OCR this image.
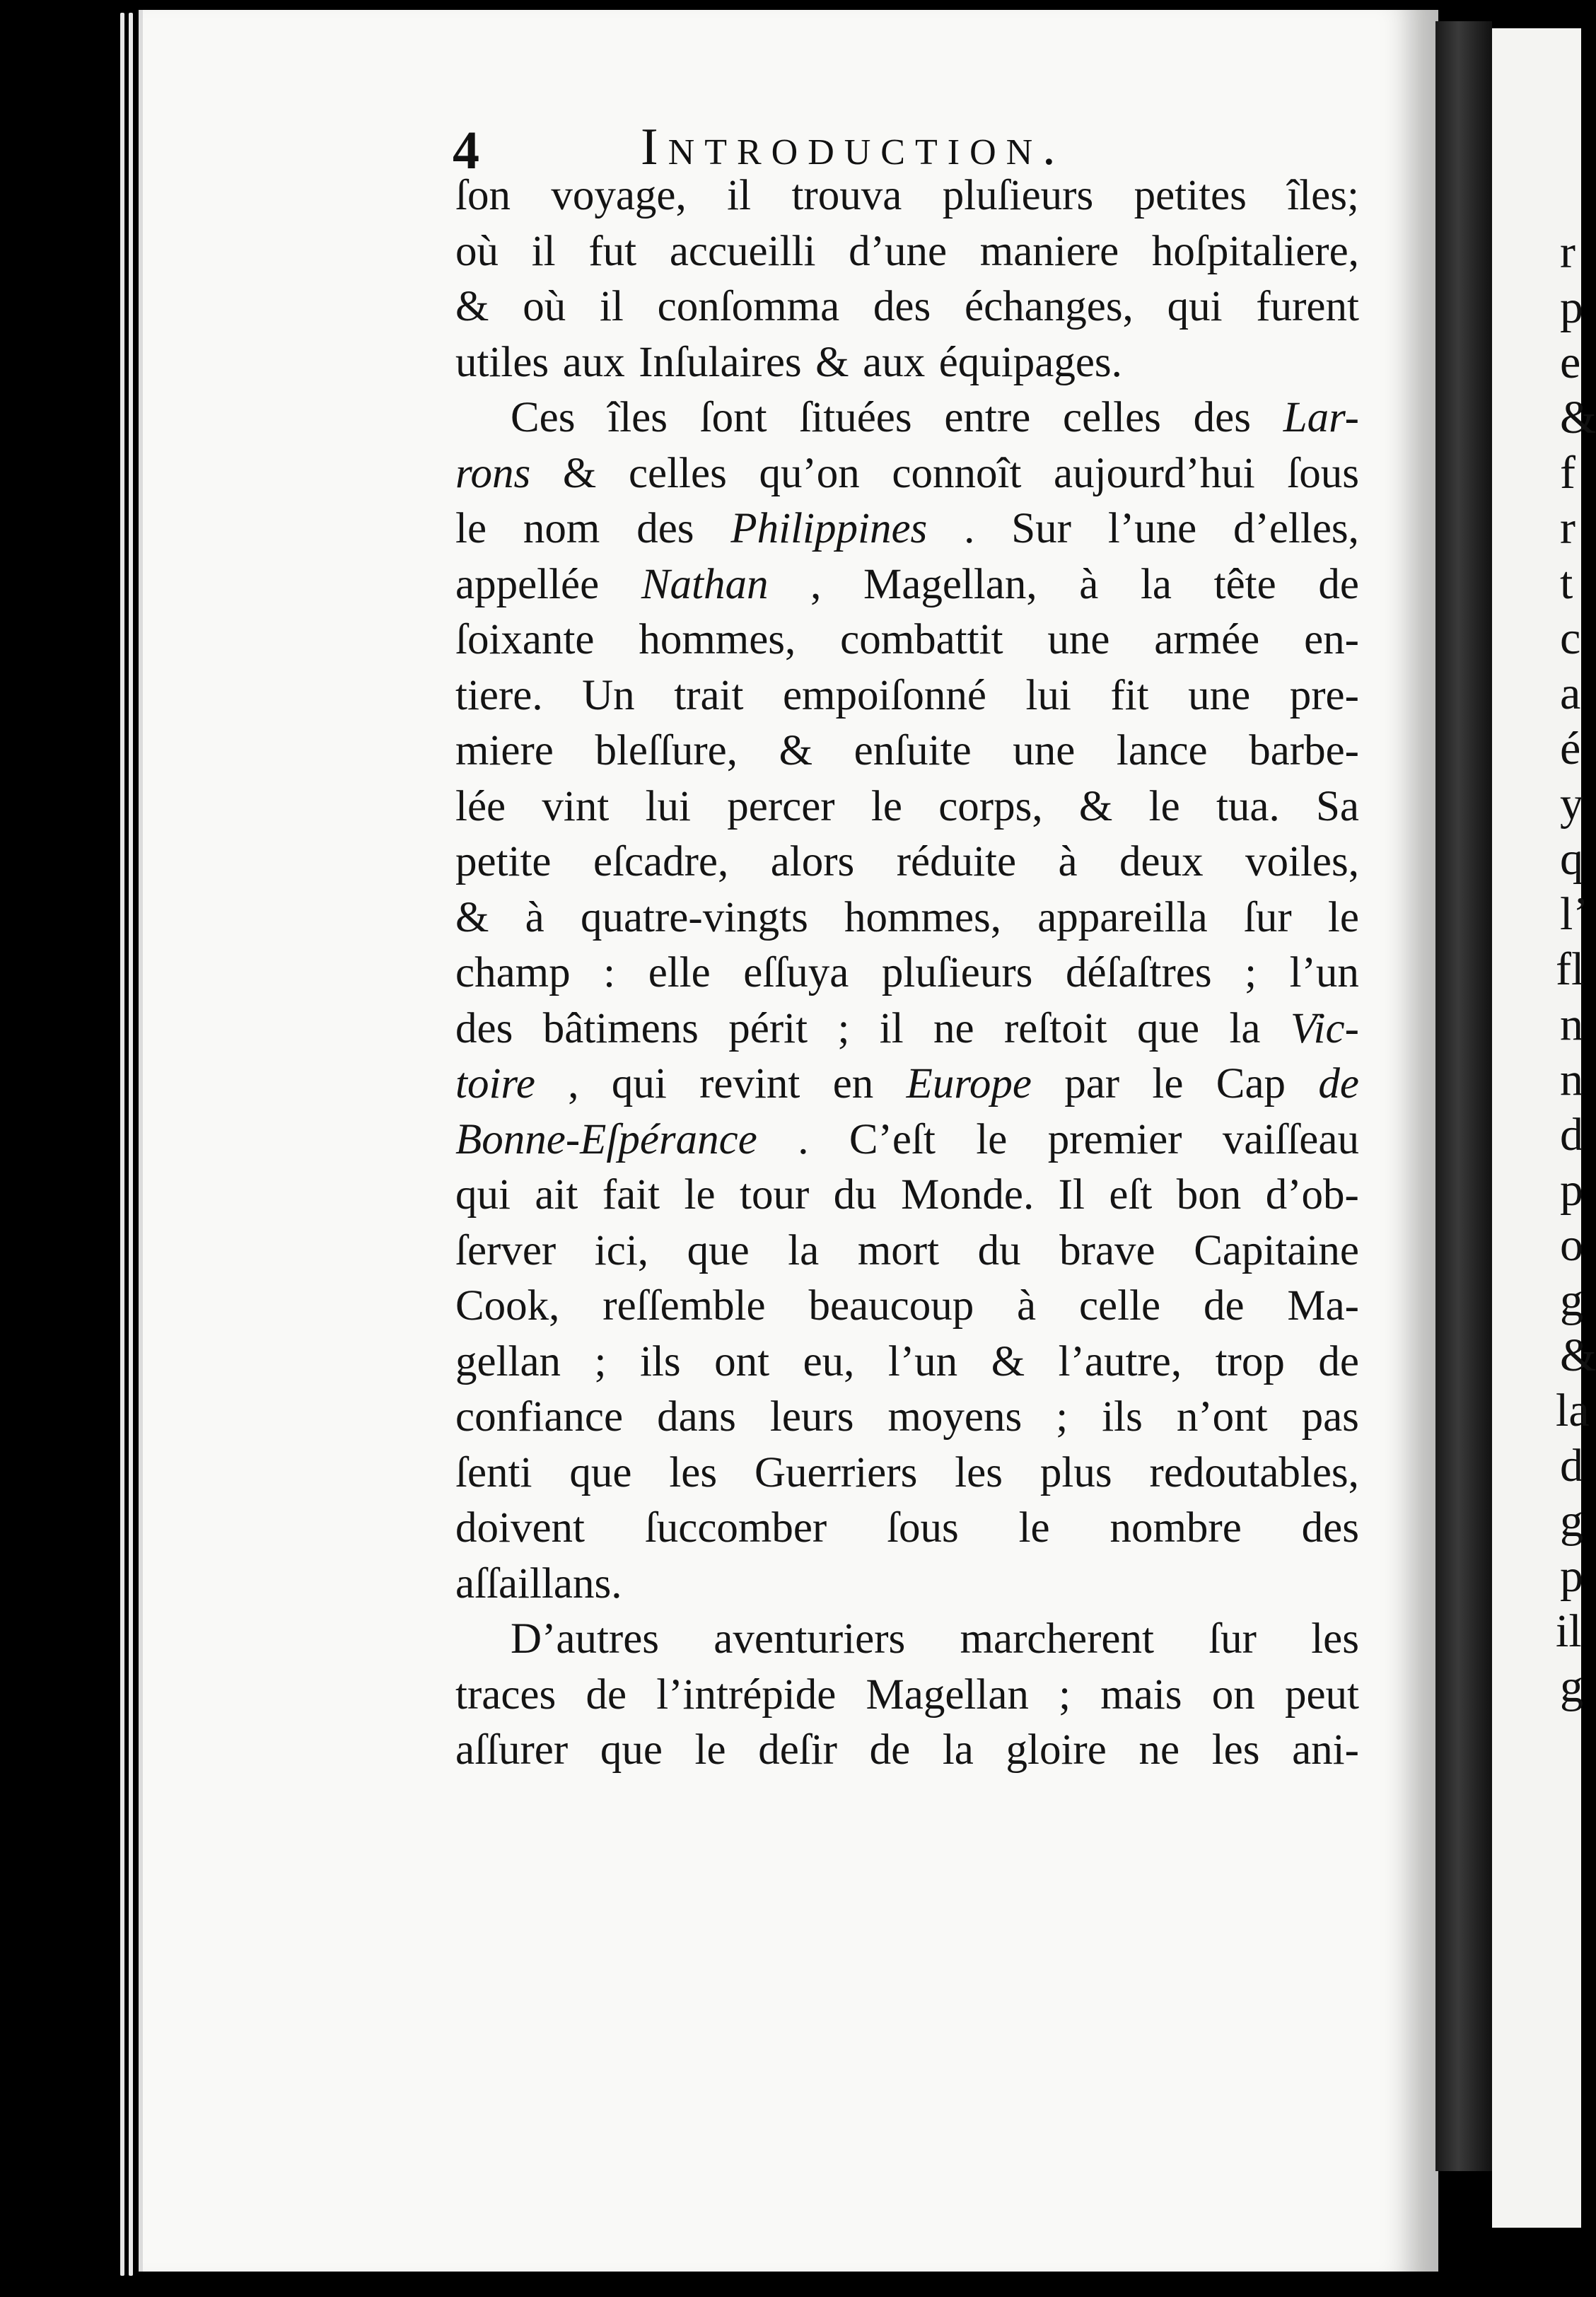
r
p
e
&
f
r
t
c
a
é
y
q
l’
fl
n
n
d
p
o
g
&
la
d
g
p
il
g
4	Introduction.
ſon voyage, il trouva pluſieurs petites îles;
où il fut accueilli d’une maniere hoſpitaliere,
& où il conſomma des échanges, qui furent
utiles aux Inſulaires & aux équipages.
Ces îles ſont ſituées entre celles des Lar-
rons & celles qu’on connoît aujourd’hui ſous
le nom des Philippines . Sur l’une d’elles,
appellée Nathan , Magellan, à la tête de
ſoixante hommes, combattit une armée en-
tiere. Un trait empoiſonné lui fit une pre-
miere bleſſure, & enſuite une lance barbe-
lée vint lui percer le corps, & le tua. Sa
petite eſcadre, alors réduite à deux voiles,
& à quatre-vingts hommes, appareilla ſur le
champ : elle eſſuya pluſieurs déſaſtres ; l’un
des bâtimens périt ; il ne reſtoit que la Vic-
toire , qui revint en Europe par le Cap de
Bonne-Eſpérance . C’eſt le premier vaiſſeau
qui ait fait le tour du Monde. Il eſt bon d’ob-
ſerver ici, que la mort du brave Capitaine
Cook, reſſemble beaucoup à celle de Ma-
gellan ; ils ont eu, l’un & l’autre, trop de
confiance dans leurs moyens ; ils n’ont pas
ſenti que les Guerriers les plus redoutables,
doivent ſuccomber ſous le nombre des
aſſaillans.
D’autres aventuriers marcherent ſur les
traces de l’intrépide Magellan ; mais on peut
aſſurer que le deſir de la gloire ne les ani-
